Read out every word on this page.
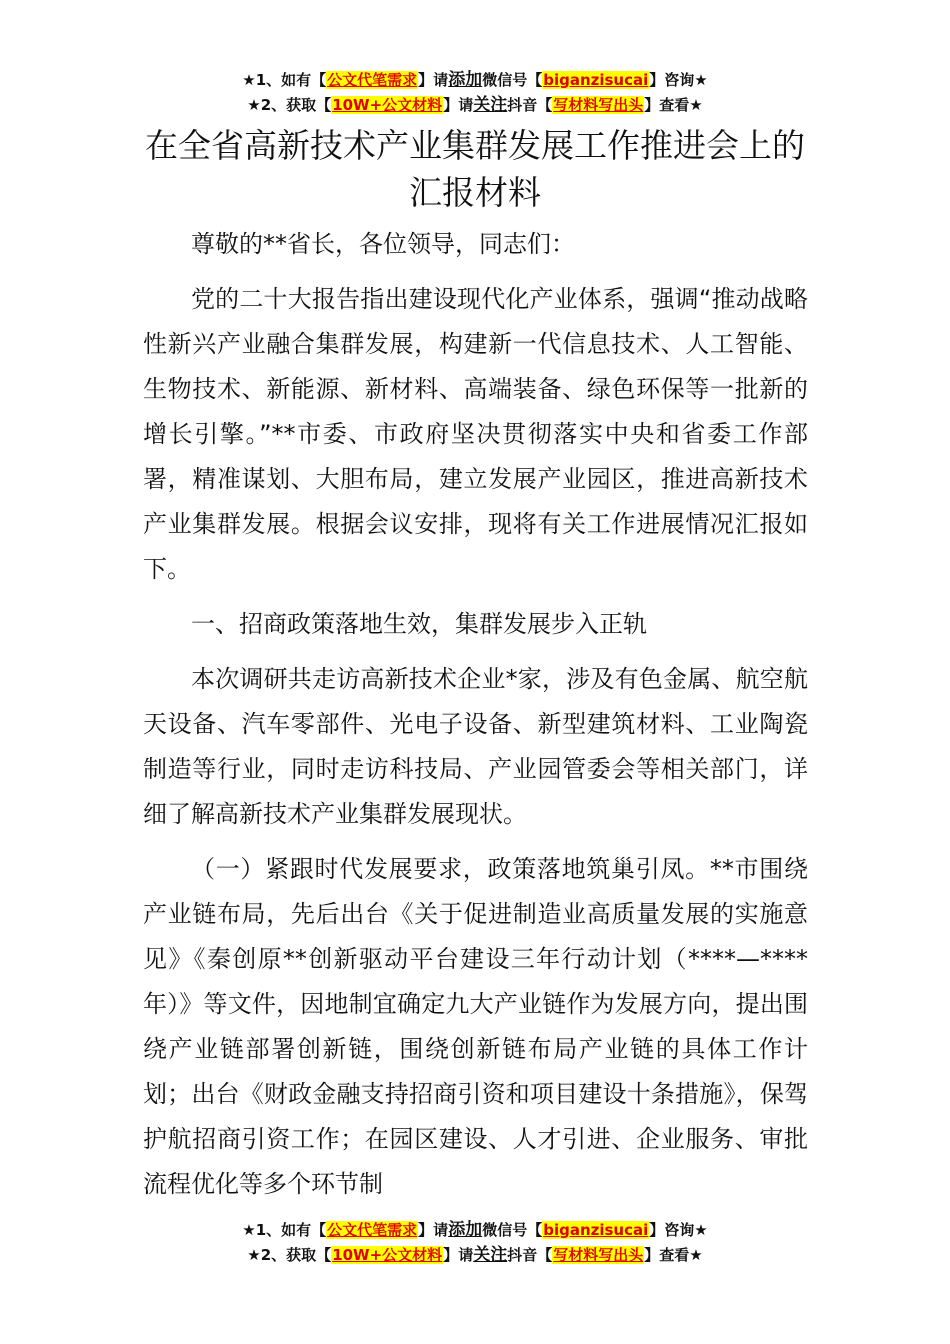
★1、如有【公文代笔需求】请添加微信号【biganzisucai】咨询★
★2、获取【10W+公文材料】请关注抖音【写材料写出头】查看★
在全省高新技术产业集群发展工作推进会上的汇报材料

尊敬的**省长，各位领导，同志们：

党的二十大报告指出建设现代化产业体系，强调“推动战略性新兴产业融合集群发展，构建新一代信息技术、人工智能、生物技术、新能源、新材料、高端装备、绿色环保等一批新的增长引擎。”**市委、市政府坚决贯彻落实中央和省委工作部署，精准谋划、大胆布局，建立发展产业园区，推进高新技术产业集群发展。根据会议安排，现将有关工作进展情况汇报如下。

一、招商政策落地生效，集群发展步入正轨

本次调研共走访高新技术企业*家，涉及有色金属、航空航天设备、汽车零部件、光电子设备、新型建筑材料、工业陶瓷制造等行业，同时走访科技局、产业园管委会等相关部门，详细了解高新技术产业集群发展现状。

（一）紧跟时代发展要求，政策落地筑巢引凤。**市围绕产业链布局，先后出台《关于促进制造业高质量发展的实施意见》《秦创原**创新驱动平台建设三年行动计划（****—****年）》等文件，因地制宜确定九大产业链作为发展方向，提出围绕产业链部署创新链，围绕创新链布局产业链的具体工作计划；出台《财政金融支持招商引资和项目建设十条措施》，保驾护航招商引资工作；在园区建设、人才引进、企业服务、审批流程优化等多个环节制

★1、如有【公文代笔需求】请添加微信号【biganzisucai】咨询★
★2、获取【10W+公文材料】请关注抖音【写材料写出头】查看★
